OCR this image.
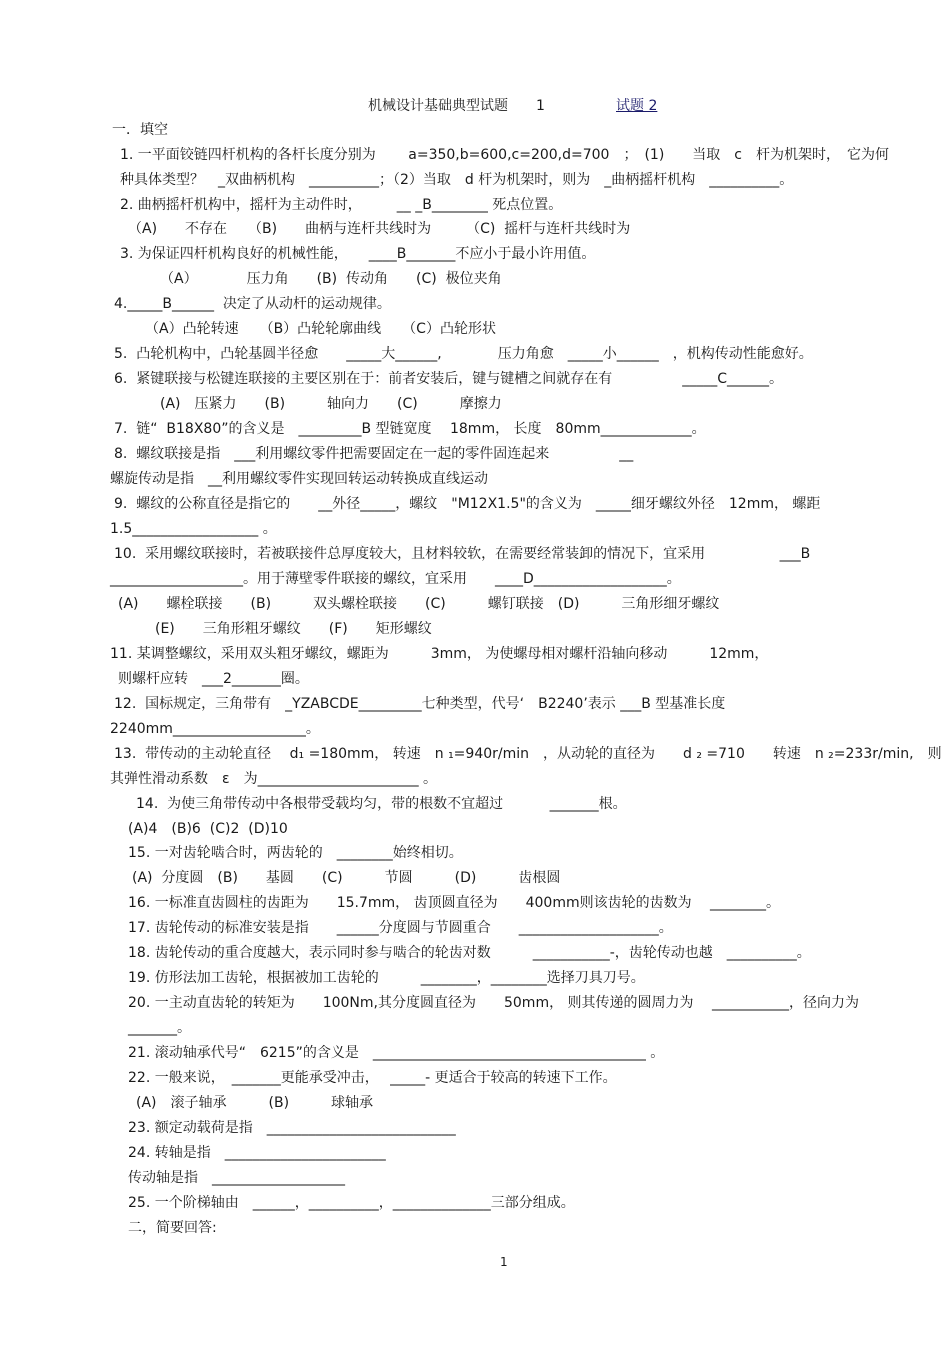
机械设计基础典型试题　　1	试题 2
一．填空
1. 一平面铰链四杆机构的各杆长度分别为　　 a=350,b=600,c=200,d=700　；　(1)　　当取　c　杆为机架时，　它为何
种具体类型？　_双曲柄机构　__________；（2）当取　d 杆为机架时，则为　_曲柄摇杆机构　__________。
2. 曲柄摇杆机构中，摇杆为主动件时，　　　__ _B________ 死点位置。
（A)　　不存在　　（B)　　曲柄与连杆共线时为　　　（C)  摇杆与连杆共线时为
3. 为保证四杆机构良好的机械性能，　　____B_______不应小于最小许用值。
（A）　　　　压力角　　(B)  传动角　　(C)  极位夹角
4._____B______  决定了从动杆的运动规律。
（A）凸轮转速　　（B）凸轮轮廓曲线　　（C）凸轮形状
5.  凸轮机构中，凸轮基圆半径愈　　_____大______,　　　　压力角愈　_____小______　，机构传动性能愈好。
6.  紧键联接与松键连联接的主要区别在于：前者安装后，键与键槽之间就存在有　　　　　_____C______。
(A)　压紧力　　(B)　　　轴向力　　(C)　　　摩擦力
7.  链“  B18X80”的含义是　_________B 型链宽度　 18mm， 长度　80mm_____________。
8.  螺纹联接是指　___利用螺纹零件把需要固定在一起的零件固连起来　　　　　__
螺旋传动是指　__利用螺纹零件实现回转运动转换成直线运动
9.  螺纹的公称直径是指它的　　__外径_____，螺纹　"M12X1.5"的含义为　_____细牙螺纹外径　12mm， 螺距
1.5__________________ 。
10.  采用螺纹联接时，若被联接件总厚度较大，且材料较软，在需要经常装卸的情况下，宜采用　　　　　 ___B
___________________。用于薄壁零件联接的螺纹，宜采用　　____D___________________。
(A)　　螺栓联接　　(B)　　　双头螺栓联接　　(C)　　　螺钉联接　(D)　　　三角形细牙螺纹
(E)　　三角形粗牙螺纹　　(F)　　矩形螺纹
11. 某调整螺纹，采用双头粗牙螺纹，螺距为　　　3mm， 为使螺母相对螺杆沿轴向移动　　　12mm，
则螺杆应转　___2_______圈。
12.  国标规定，三角带有　_YZABCDE_________七种类型，代号‘　B2240’表示 ___B 型基准长度
2240mm___________________。
13.  带传动的主动轮直径　 d₁ =180mm， 转速　n ₁=940r/min　，从动轮的直径为　　d ₂ =710　　转速　n ₂=233r/min,　则
其弹性滑动系数　ε　为_______________________ 。
14.  为使三角带传动中各根带受载均匀，带的根数不宜超过　　　 _______根。
(A)4　(B)6  (C)2  (D)10
15. 一对齿轮啮合时，两齿轮的　________始终相切。
(A)  分度圆　(B)　　基圆　　(C)　　　节圆　　　(D)　　　齿根圆
16. 一标准直齿圆柱的齿距为　　15.7mm， 齿顶圆直径为　　400mm则该齿轮的齿数为　 ________。
17. 齿轮传动的标准安装是指　　______分度圆与节圆重合　　____________________。
18. 齿轮传动的重合度越大，表示同时参与啮合的轮齿对数　　　___________-，齿轮传动也越　__________。
19. 仿形法加工齿轮，根据被加工齿轮的　　　________，________选择刀具刀号。
20. 一主动直齿轮的转矩为　　100Nm,其分度圆直径为　　50mm， 则其传递的圆周力为　 ___________，径向力为
_______。
21. 滚动轴承代号“　6215”的含义是　_______________________________________ 。
22. 一般来说，　_______更能承受冲击，　 _____- 更适合于较高的转速下工作。
(A)　滚子轴承　　　(B)　　　球轴承
23. 额定动载荷是指　___________________________
24. 转轴是指　_______________________
传动轴是指　___________________
25. 一个阶梯轴由　______，__________，______________三部分组成。
二，简要回答:
1
